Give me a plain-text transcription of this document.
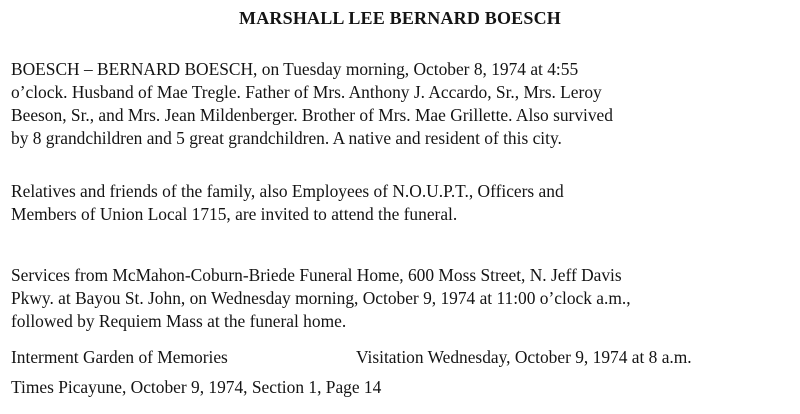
MARSHALL LEE BERNARD BOESCH
BOESCH – BERNARD BOESCH, on Tuesday morning, October 8, 1974 at 4:55
o’clock. Husband of Mae Tregle. Father of Mrs. Anthony J. Accardo, Sr., Mrs. Leroy
Beeson, Sr., and Mrs. Jean Mildenberger. Brother of Mrs. Mae Grillette. Also survived
by 8 grandchildren and 5 great grandchildren. A native and resident of this city.
Relatives and friends of the family, also Employees of N.O.U.P.T., Officers and
Members of Union Local 1715, are invited to attend the funeral.
Services from McMahon-Coburn-Briede Funeral Home, 600 Moss Street, N. Jeff Davis
Pkwy. at Bayou St. John, on Wednesday morning, October 9, 1974 at 11:00 o’clock a.m.,
followed by Requiem Mass at the funeral home.
Interment Garden of Memories	Visitation Wednesday, October 9, 1974 at 8 a.m.
Times Picayune, October 9, 1974, Section 1, Page 14
